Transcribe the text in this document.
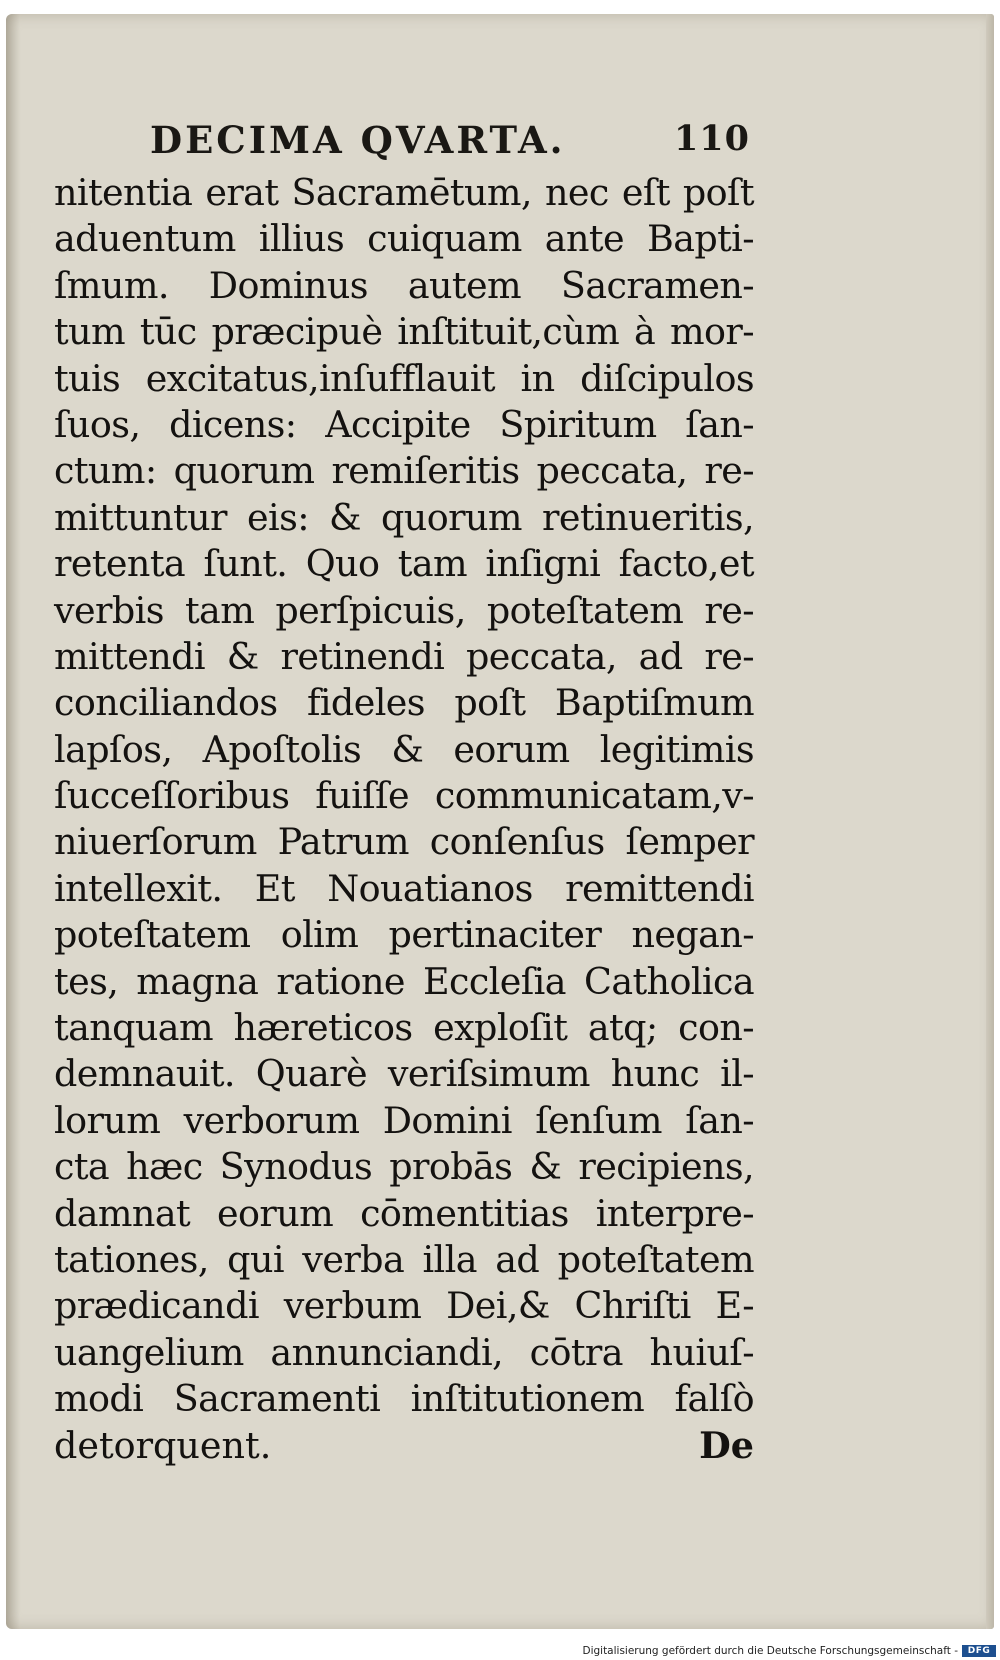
DECIMA QVARTA.	110
nitentia erat Sacramētum, nec eſt poſt
aduentum illius cuiquam ante Bapti-
ſmum. Dominus autem Sacramen-
tum tūc præcipuè inſtituit,cùm à mor-
tuis excitatus,inſufflauit in diſcipulos
ſuos, dicens: Accipite Spiritum ſan-
ctum: quorum remiſeritis peccata, re-
mittuntur eis: & quorum retinueritis,
retenta ſunt. Quo tam inſigni facto,et
verbis tam perſpicuis, poteſtatem re-
mittendi & retinendi peccata, ad re-
conciliandos fideles poſt Baptiſmum
lapſos, Apoſtolis & eorum legitimis
ſucceſſoribus fuiſſe communicatam,v-
niuerſorum Patrum conſenſus ſemper
intellexit. Et Nouatianos remittendi
poteſtatem olim pertinaciter negan-
tes, magna ratione Eccleſia Catholica
tanquam hæreticos exploſit atq; con-
demnauit. Quarè veriſsimum hunc il-
lorum verborum Domini ſenſum ſan-
cta hæc Synodus probās & recipiens,
damnat eorum cōmentitias interpre-
tationes, qui verba illa ad poteſtatem
prædicandi verbum Dei,& Chriſti E-
uangelium annunciandi, cōtra huiuſ-
modi Sacramenti inſtitutionem falſò
detorquent.	De
Digitalisierung gefördert durch die Deutsche Forschungsgemeinschaft -	DFG
